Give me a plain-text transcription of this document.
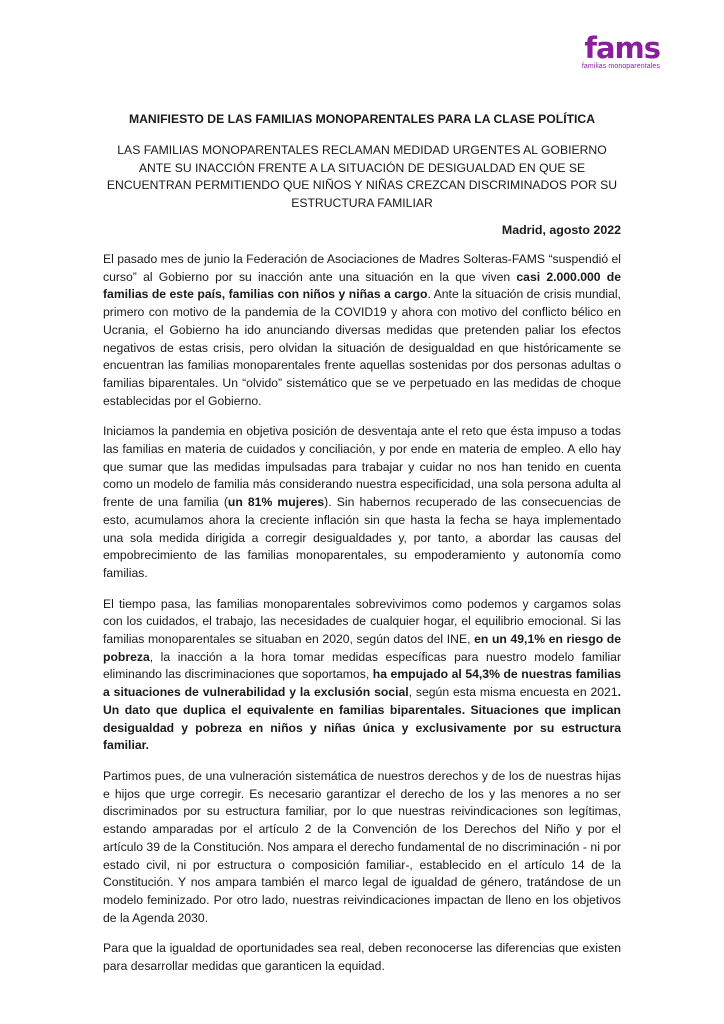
fams
familias monoparentales

MANIFIESTO DE LAS FAMILIAS MONOPARENTALES PARA LA CLASE POLÍTICA

LAS FAMILIAS MONOPARENTALES RECLAMAN MEDIDAD URGENTES AL GOBIERNO ANTE SU INACCIÓN FRENTE A LA SITUACIÓN DE DESIGUALDAD EN QUE SE ENCUENTRAN PERMITIENDO QUE NIÑOS Y NIÑAS CREZCAN DISCRIMINADOS POR SU ESTRUCTURA FAMILIAR

Madrid, agosto 2022

El pasado mes de junio la Federación de Asociaciones de Madres Solteras-FAMS “suspendió el curso” al Gobierno por su inacción ante una situación en la que viven casi 2.000.000 de familias de este país, familias con niños y niñas a cargo. Ante la situación de crisis mundial, primero con motivo de la pandemia de la COVID19 y ahora con motivo del conflicto bélico en Ucrania, el Gobierno ha ido anunciando diversas medidas que pretenden paliar los efectos negativos de estas crisis, pero olvidan la situación de desigualdad en que históricamente se encuentran las familias monoparentales frente aquellas sostenidas por dos personas adultas o familias biparentales. Un “olvido” sistemático que se ve perpetuado en las medidas de choque establecidas por el Gobierno.

Iniciamos la pandemia en objetiva posición de desventaja ante el reto que ésta impuso a todas las familias en materia de cuidados y conciliación, y por ende en materia de empleo. A ello hay que sumar que las medidas impulsadas para trabajar y cuidar no nos han tenido en cuenta como un modelo de familia más considerando nuestra especificidad, una sola persona adulta al frente de una familia (un 81% mujeres). Sin habernos recuperado de las consecuencias de esto, acumulamos ahora la creciente inflación sin que hasta la fecha se haya implementado una sola medida dirigida a corregir desigualdades y, por tanto, a abordar las causas del empobrecimiento de las familias monoparentales, su empoderamiento y autonomía como familias.

El tiempo pasa, las familias monoparentales sobrevivimos como podemos y cargamos solas con los cuidados, el trabajo, las necesidades de cualquier hogar, el equilibrio emocional. Si las familias monoparentales se situaban en 2020, según datos del INE, en un 49,1% en riesgo de pobreza, la inacción a la hora tomar medidas específicas para nuestro modelo familiar eliminando las discriminaciones que soportamos, ha empujado al 54,3% de nuestras familias a situaciones de vulnerabilidad y la exclusión social, según esta misma encuesta en 2021. Un dato que duplica el equivalente en familias biparentales. Situaciones que implican desigualdad y pobreza en niños y niñas única y exclusivamente por su estructura familiar.

Partimos pues, de una vulneración sistemática de nuestros derechos y de los de nuestras hijas e hijos que urge corregir. Es necesario garantizar el derecho de los y las menores a no ser discriminados por su estructura familiar, por lo que nuestras reivindicaciones son legítimas, estando amparadas por el artículo 2 de la Convención de los Derechos del Niño y por el artículo 39 de la Constitución. Nos ampara el derecho fundamental de no discriminación - ni por estado civil, ni por estructura o composición familiar-, establecido en el artículo 14 de la Constitución. Y nos ampara también el marco legal de igualdad de género, tratándose de un modelo feminizado. Por otro lado, nuestras reivindicaciones impactan de lleno en los objetivos de la Agenda 2030.

Para que la igualdad de oportunidades sea real, deben reconocerse las diferencias que existen para desarrollar medidas que garanticen la equidad.
